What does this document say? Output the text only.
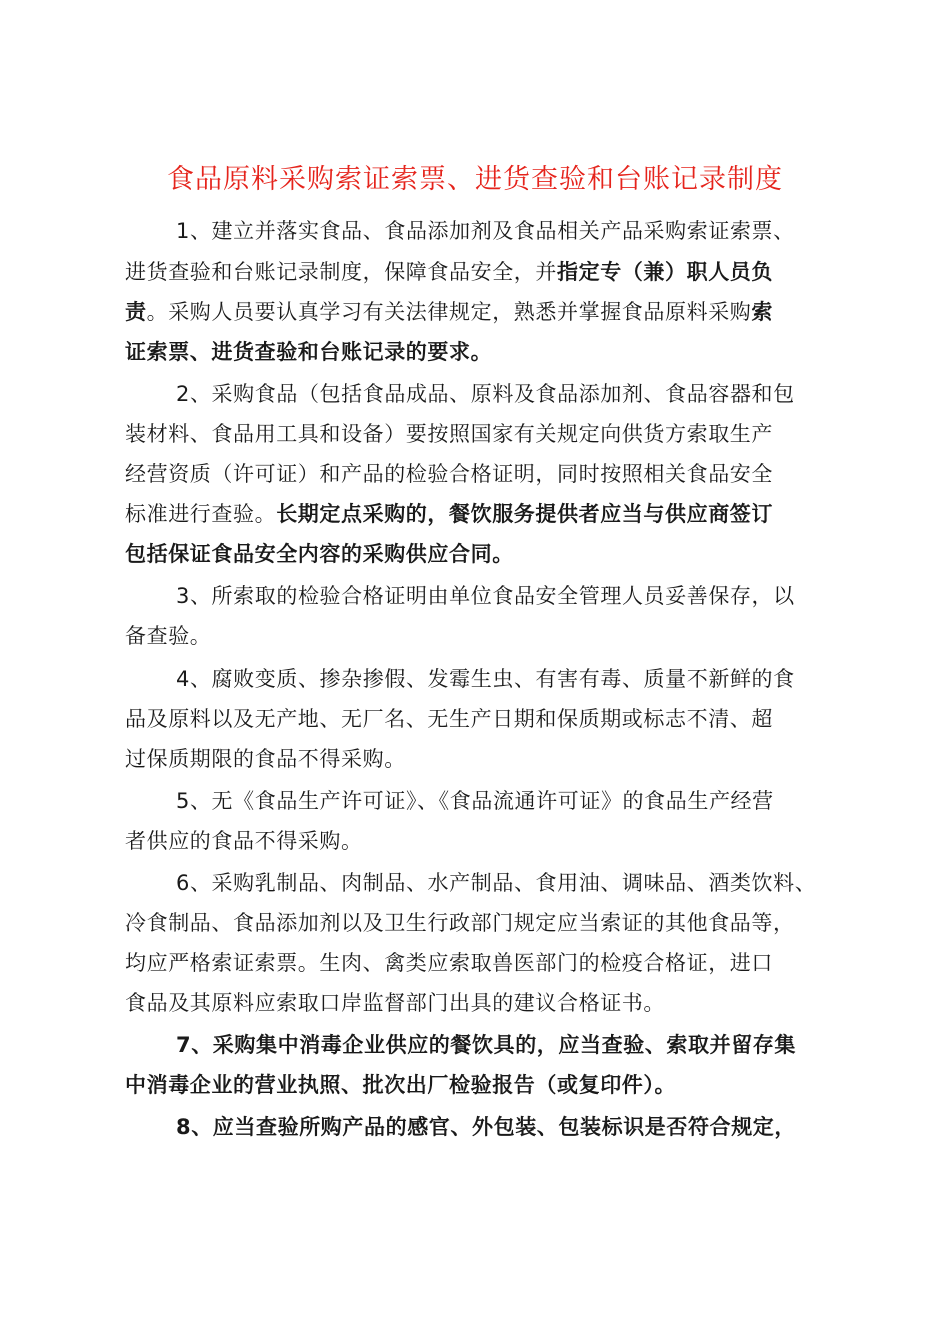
食品原料采购索证索票、进货查验和台账记录制度
1、建立并落实食品、食品添加剂及食品相关产品采购索证索票、
进货查验和台账记录制度，保障食品安全，并指定专（兼）职人员负
责。采购人员要认真学习有关法律规定，熟悉并掌握食品原料采购索
证索票、进货查验和台账记录的要求。
2、采购食品（包括食品成品、原料及食品添加剂、食品容器和包
装材料、食品用工具和设备）要按照国家有关规定向供货方索取生产
经营资质（许可证）和产品的检验合格证明，同时按照相关食品安全
标准进行查验。长期定点采购的，餐饮服务提供者应当与供应商签订
包括保证食品安全内容的采购供应合同。
3、所索取的检验合格证明由单位食品安全管理人员妥善保存，以
备查验。
4、腐败变质、掺杂掺假、发霉生虫、有害有毒、质量不新鲜的食
品及原料以及无产地、无厂名、无生产日期和保质期或标志不清、超
过保质期限的食品不得采购。
5、无《食品生产许可证》、《食品流通许可证》的食品生产经营
者供应的食品不得采购。
6、采购乳制品、肉制品、水产制品、食用油、调味品、酒类饮料、
冷食制品、食品添加剂以及卫生行政部门规定应当索证的其他食品等，
均应严格索证索票。生肉、禽类应索取兽医部门的检疫合格证，进口
食品及其原料应索取口岸监督部门出具的建议合格证书。
7、采购集中消毒企业供应的餐饮具的，应当查验、索取并留存集
中消毒企业的营业执照、批次出厂检验报告（或复印件）。
8、应当查验所购产品的感官、外包装、包装标识是否符合规定，
